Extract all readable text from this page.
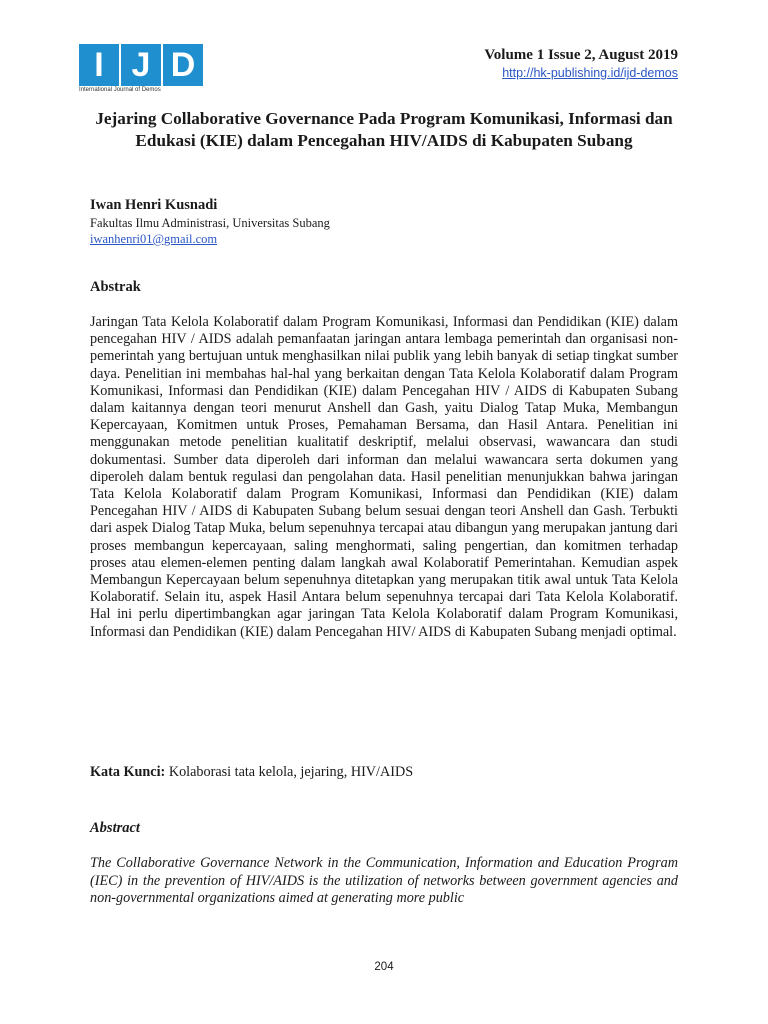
I J D
International Journal of Demos
Volume 1 Issue 2, August 2019
http://hk-publishing.id/ijd-demos
Jejaring Collaborative Governance Pada Program Komunikasi, Informasi dan Edukasi (KIE) dalam Pencegahan HIV/AIDS di Kabupaten Subang
Iwan Henri Kusnadi
Fakultas Ilmu Administrasi, Universitas Subang
iwanhenri01@gmail.com
Abstrak
Jaringan Tata Kelola Kolaboratif dalam Program Komunikasi, Informasi dan Pendidikan (KIE) dalam pencegahan HIV / AIDS adalah pemanfaatan jaringan antara lembaga pemerintah dan organisasi non-pemerintah yang bertujuan untuk menghasilkan nilai publik yang lebih banyak di setiap tingkat sumber daya. Penelitian ini membahas hal-hal yang berkaitan dengan Tata Kelola Kolaboratif dalam Program Komunikasi, Informasi dan Pendidikan (KIE) dalam Pencegahan HIV / AIDS di Kabupaten Subang dalam kaitannya dengan teori menurut Anshell dan Gash, yaitu Dialog Tatap Muka, Membangun Kepercayaan, Komitmen untuk Proses, Pemahaman Bersama, dan Hasil Antara. Penelitian ini menggunakan metode penelitian kualitatif deskriptif, melalui observasi, wawancara dan studi dokumentasi. Sumber data diperoleh dari informan dan melalui wawancara serta dokumen yang diperoleh dalam bentuk regulasi dan pengolahan data. Hasil penelitian menunjukkan bahwa jaringan Tata Kelola Kolaboratif dalam Program Komunikasi, Informasi dan Pendidikan (KIE) dalam Pencegahan HIV / AIDS di Kabupaten Subang belum sesuai dengan teori Anshell dan Gash. Terbukti dari aspek Dialog Tatap Muka, belum sepenuhnya tercapai atau dibangun yang merupakan jantung dari proses membangun kepercayaan, saling menghormati, saling pengertian, dan komitmen terhadap proses atau elemen-elemen penting dalam langkah awal Kolaboratif Pemerintahan. Kemudian aspek Membangun Kepercayaan belum sepenuhnya ditetapkan yang merupakan titik awal untuk Tata Kelola Kolaboratif. Selain itu, aspek Hasil Antara belum sepenuhnya tercapai dari Tata Kelola Kolaboratif. Hal ini perlu dipertimbangkan agar jaringan Tata Kelola Kolaboratif dalam Program Komunikasi, Informasi dan Pendidikan (KIE) dalam Pencegahan HIV/ AIDS di Kabupaten Subang menjadi optimal.
Kata Kunci: Kolaborasi tata kelola, jejaring, HIV/AIDS
Abstract
The Collaborative Governance Network in the Communication, Information and Education Program (IEC) in the prevention of HIV/AIDS is the utilization of networks between government agencies and non-governmental organizations aimed at generating more public
204
